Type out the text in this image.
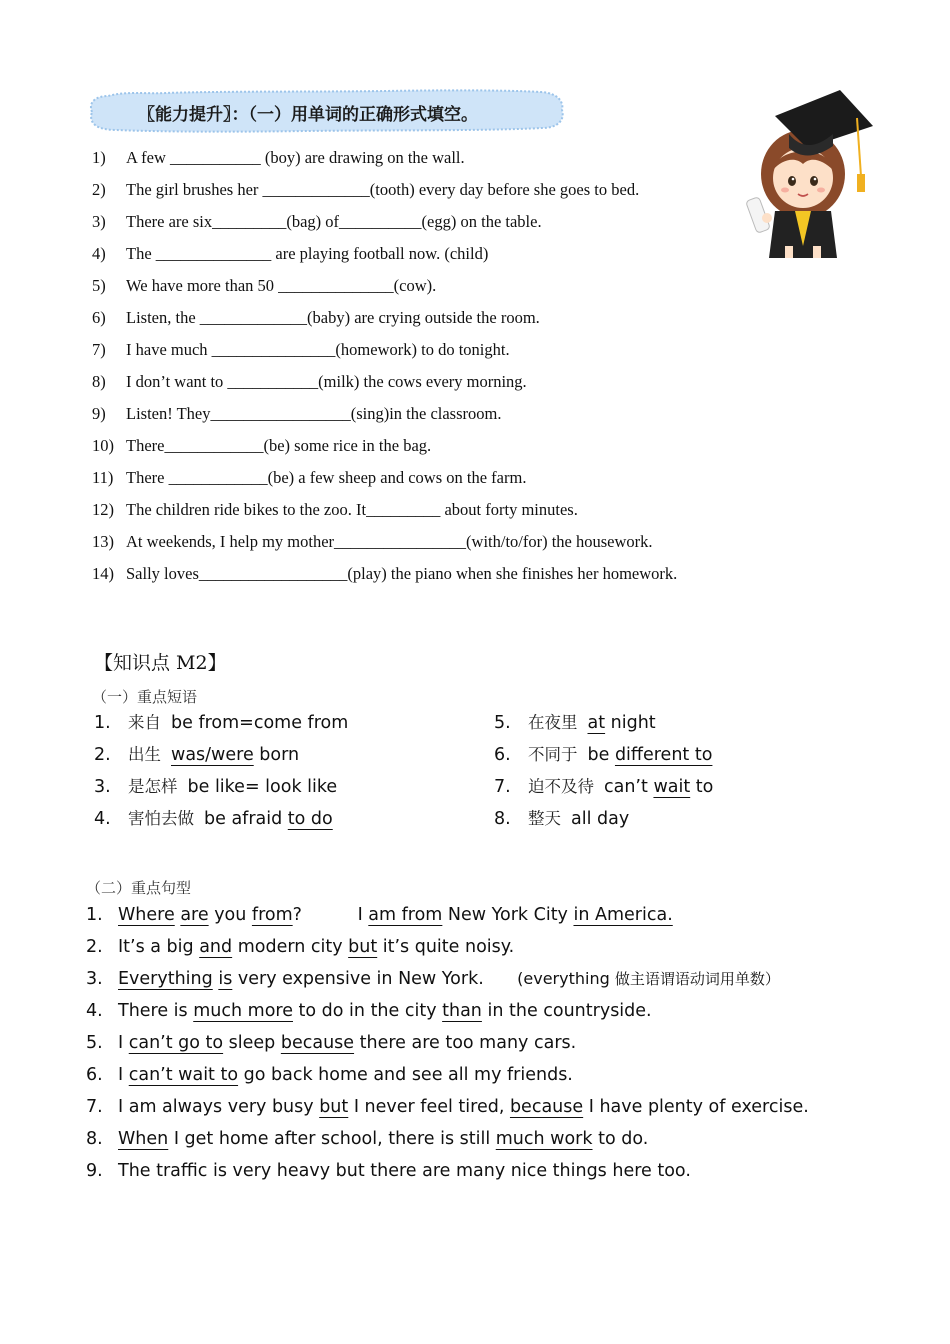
〖能力提升〗：（一）用单词的正确形式填空。
1) A few ___________ (boy) are drawing on the wall.
2) The girl brushes her _____________(tooth) every day before she goes to bed.
3) There are six_________(bag) of__________(egg) on the table.
4) The ______________ are playing football now. (child)
5) We have more than 50 ______________(cow).
6) Listen, the _____________(baby) are crying outside the room.
7) I have much _______________(homework) to do tonight.
8) I don’t want to ___________(milk) the cows every morning.
9) Listen! They_________________(sing)in the classroom.
10) There____________(be) some rice in the bag.
11) There ____________(be) a few sheep and cows on the farm.
12) The children ride bikes to the zoo. It_________ about forty minutes.
13) At weekends, I help my mother________________(with/to/for) the housework.
14) Sally loves__________________(play) the piano when she finishes her homework.
【知识点 M2】
（一）重点短语
1. 来自 be from=come from
2. 出生 was/were born
3. 是怎样 be like= look like
4. 害怕去做 be afraid to do
5. 在夜里 at night
6. 不同于 be different to
7. 迫不及待 can’t wait to
8. 整天 all day
（二）重点句型
1. Where are you from?          I am from New York City in America.
2. It’s a big and modern city but it’s quite noisy.
3. Everything is very expensive in New York.      (everything 做主语谓语动词用单数）
4. There is much more to do in the city than in the countryside.
5. I can’t go to sleep because there are too many cars.
6. I can’t wait to go back home and see all my friends.
7. I am always very busy but I never feel tired, because I have plenty of exercise.
8. When I get home after school, there is still much work to do.
9. The traffic is very heavy but there are many nice things here too.
